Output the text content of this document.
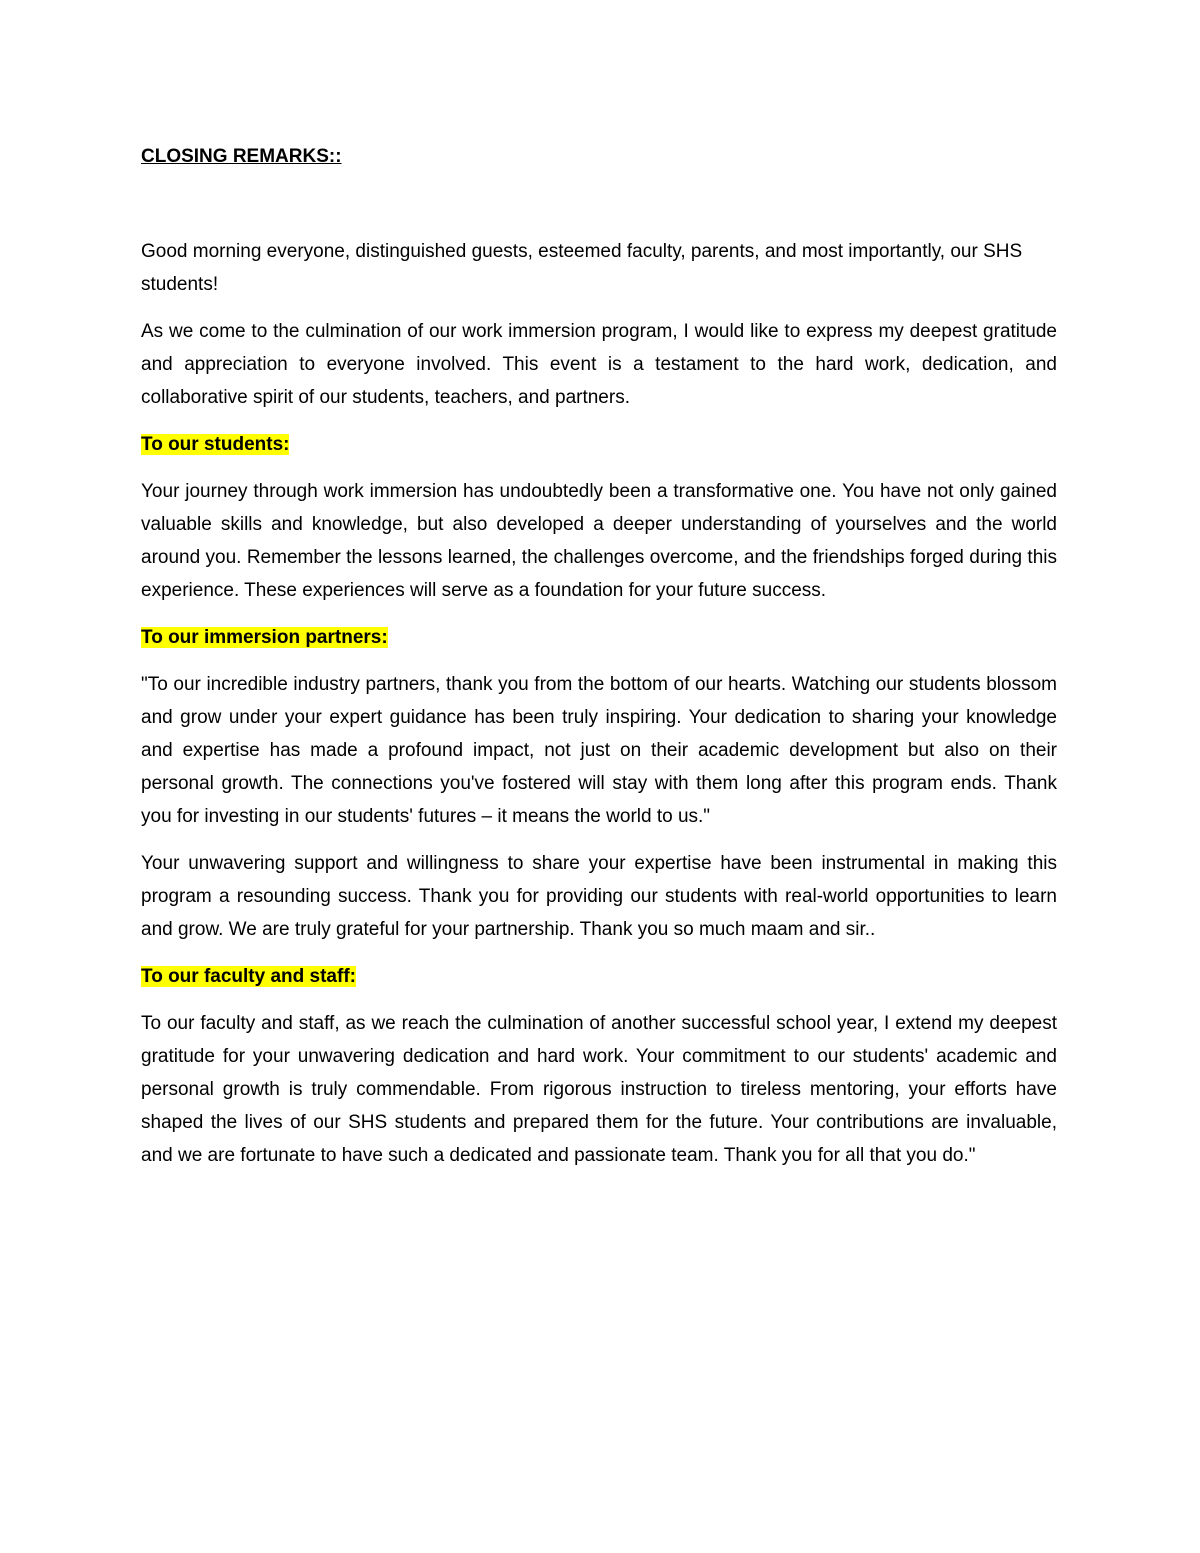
CLOSING REMARKS::

Good morning everyone, distinguished guests, esteemed faculty, parents, and most importantly, our SHS students!

As we come to the culmination of our work immersion program, I would like to express my deepest gratitude and appreciation to everyone involved. This event is a testament to the hard work, dedication, and collaborative spirit of our students, teachers, and partners.

To our students:

Your journey through work immersion has undoubtedly been a transformative one. You have not only gained valuable skills and knowledge, but also developed a deeper understanding of yourselves and the world around you. Remember the lessons learned, the challenges overcome, and the friendships forged during this experience. These experiences will serve as a foundation for your future success.

To our immersion partners:

"To our incredible industry partners, thank you from the bottom of our hearts. Watching our students blossom and grow under your expert guidance has been truly inspiring. Your dedication to sharing your knowledge and expertise has made a profound impact, not just on their academic development but also on their personal growth. The connections you've fostered will stay with them long after this program ends. Thank you for investing in our students' futures – it means the world to us."

Your unwavering support and willingness to share your expertise have been instrumental in making this program a resounding success. Thank you for providing our students with real-world opportunities to learn and grow. We are truly grateful for your partnership. Thank you so much maam and sir..

To our faculty and staff:

To our faculty and staff, as we reach the culmination of another successful school year, I extend my deepest gratitude for your unwavering dedication and hard work. Your commitment to our students' academic and personal growth is truly commendable. From rigorous instruction to tireless mentoring, your efforts have shaped the lives of our SHS students and prepared them for the future. Your contributions are invaluable, and we are fortunate to have such a dedicated and passionate team. Thank you for all that you do."
